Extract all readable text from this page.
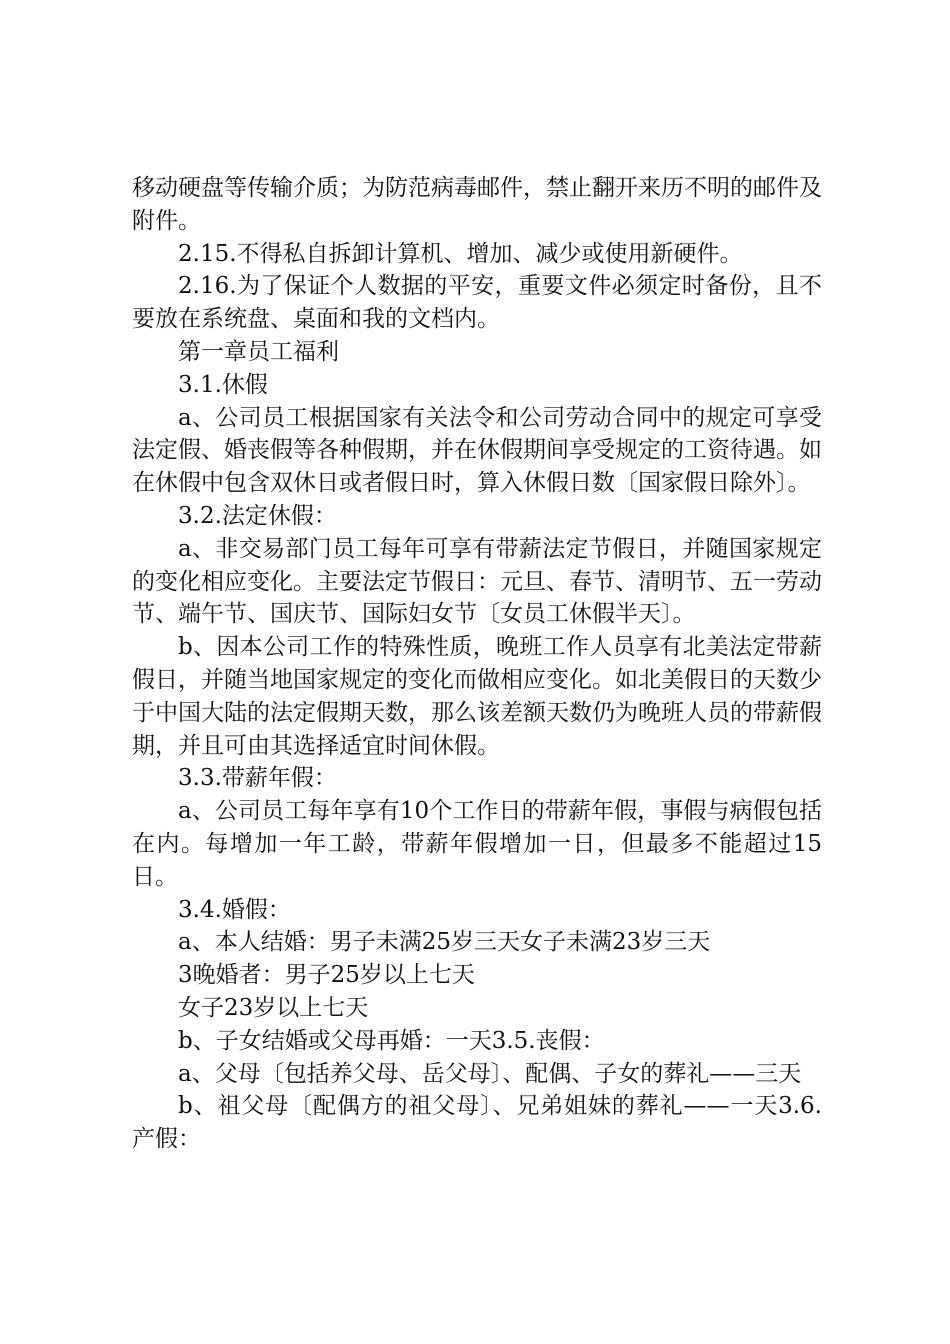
移动硬盘等传输介质；为防范病毒邮件，禁止翻开来历不明的邮件及附件。

2.15.不得私自拆卸计算机、增加、减少或使用新硬件。

2.16.为了保证个人数据的平安，重要文件必须定时备份，且不要放在系统盘、桌面和我的文档内。

第一章员工福利

3.1.休假

a、公司员工根据国家有关法令和公司劳动合同中的规定可享受法定假、婚丧假等各种假期，并在休假期间享受规定的工资待遇。如在休假中包含双休日或者假日时，算入休假日数〔国家假日除外〕。

3.2.法定休假：

a、非交易部门员工每年可享有带薪法定节假日，并随国家规定的变化相应变化。主要法定节假日：元旦、春节、清明节、五一劳动节、端午节、国庆节、国际妇女节〔女员工休假半天〕。

b、因本公司工作的特殊性质，晚班工作人员享有北美法定带薪假日，并随当地国家规定的变化而做相应变化。如北美假日的天数少于中国大陆的法定假期天数，那么该差额天数仍为晚班人员的带薪假期，并且可由其选择适宜时间休假。

3.3.带薪年假：

a、公司员工每年享有10个工作日的带薪年假，事假与病假包括在内。每增加一年工龄，带薪年假增加一日，但最多不能超过15日。

3.4.婚假：

a、本人结婚：男子未满25岁三天女子未满23岁三天

3晚婚者：男子25岁以上七天

女子23岁以上七天

b、子女结婚或父母再婚：一天3.5.丧假：

a、父母〔包括养父母、岳父母〕、配偶、子女的葬礼——三天

b、祖父母〔配偶方的祖父母〕、兄弟姐妹的葬礼——一天3.6.产假：
